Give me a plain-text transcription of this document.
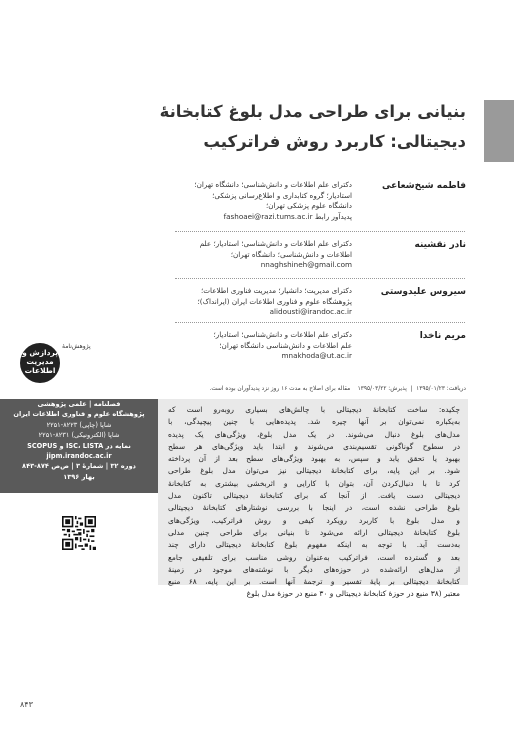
بنیانی برای طراحی مدل بلوغ کتابخانۀ
دیجیتالی: کاربرد روش فراترکیب
فاطمه شیخ‌شعاعی
دکترای علم اطلاعات و دانش‌شناسی؛ دانشگاه تهران؛
استادیار؛ گروه کتابداری و اطلاع‌رسانی پزشکی؛
دانشگاه علوم پزشکی تهران؛
پدیدآور رابط fashoaei@razi.tums.ac.ir
نادر نقشینه
دکترای علم اطلاعات و دانش‌شناسی؛ استادیار؛ علم
اطلاعات و دانش‌شناسی؛ دانشگاه تهران؛
nnaghshineh@gmail.com
سیروس علیدوستی
دکترای مدیریت؛ دانشیار؛ مدیریت فناوری اطلاعات؛
پژوهشگاه علوم و فناوری اطلاعات ایران (ایرانداک)؛
alidousti@irandoc.ac.ir
مریم ناخدا
دکترای علم اطلاعات و دانش‌شناسی؛ استادیار؛
علم اطلاعات و دانش‌شناسی دانشگاه تهران؛
mnakhoda@ut.ac.ir
پردازش و
مدیریت
اطلاعات
پژوهش‌نامۀ
دریافت: ۱۳۹۵/۰۱/۲۳  |  پذیرش: ۱۳۹۵/۰۳/۲۲    مقاله برای اصلاح به مدت ۱۶ روز نزد پدیدآوران بوده است.
فصلنامه | علمی پژوهشی
پژوهشگاه علوم و فناوری اطلاعات ایران
شاپا (چاپی) ۸۲۲۳-۲۲۵۱
شاپا (الکترونیکی) ۸۲۳۱-۲۲۵۱
نمایه در ISC، LISTA و SCOPUS
jipm.irandoc.ac.ir
دوره ۳۲ | شمارۀ ۳ | ص‌ص ۸۷۴-۸۴۳
بهار ۱۳۹۶
چکیده: ساخت کتابخانۀ دیجیتالی با چالش‌های بسیاری روبه‌رو است که
به‌یکباره نمی‌توان بر آنها چیره شد. پدیده‌هایی با چنین پیچیدگی، با
مدل‌های بلوغ دنبال می‌شوند. در یک مدل بلوغ، ویژگی‌های یک پدیده
در سطوح گوناگونی تقسیم‌بندی می‌شوند و ابتدا باید ویژگی‌های هر سطح
بهبود یا تحقق یابد و سپس، به بهبود ویژگی‌های سطح بعد از آن پرداخته
شود. بر این پایه، برای کتابخانۀ دیجیتالی نیز می‌توان مدل بلوغ طراحی
کرد تا با دنبال‌کردن آن، بتوان با کارایی و اثربخشی بیشتری به کتابخانۀ
دیجیتالی دست یافت. از آنجا که برای کتابخانۀ دیجیتالی تاکنون مدل
بلوغ طراحی نشده است، در اینجا با بررسی نوشتارهای کتابخانۀ دیجیتالی
و مدل بلوغ با کاربرد رویکرد کیفی و روش فراترکیب، ویژگی‌های
بلوغ کتابخانۀ دیجیتالی ارائه می‌شود تا بنیانی برای طراحی چنین مدلی
به‌دست آید. با توجه به اینکه مفهوم بلوغ کتابخانۀ دیجیتالی دارای چند
بعد و گسترده است، فراترکیب به‌عنوان روشی مناسب برای تلفیقی جامع
از مدل‌های ارائه‌شده در حوزه‌های دیگر با نوشته‌های موجود در زمینۀ
کتابخانۀ دیجیتالی بر پایۀ تفسیر و ترجمۀ آنها است. بر این پایه، ۶۸ منبع
معتبر (۳۸ منبع در حوزۀ کتابخانۀ دیجیتالی و ۳۰ منبع در حوزۀ مدل بلوغ
۸۴۳
